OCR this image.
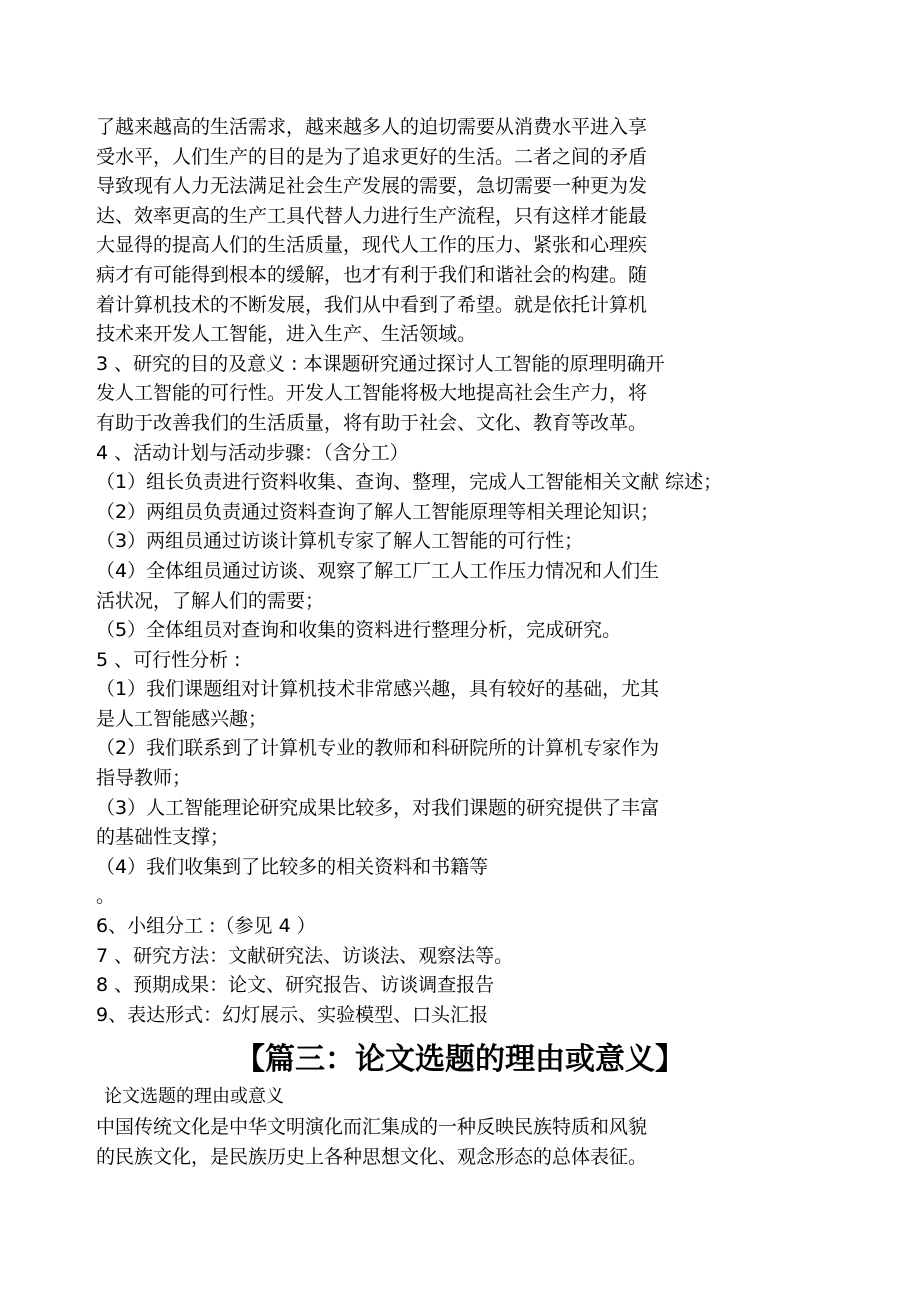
了越来越高的生活需求，越来越多人的迫切需要从消费水平进入享
受水平，人们生产的目的是为了追求更好的生活。二者之间的矛盾
导致现有人力无法满足社会生产发展的需要，急切需要一种更为发
达、效率更高的生产工具代替人力进行生产流程，只有这样才能最
大显得的提高人们的生活质量，现代人工作的压力、紧张和心理疾
病才有可能得到根本的缓解，也才有利于我们和谐社会的构建。随
着计算机技术的不断发展，我们从中看到了希望。就是依托计算机
技术来开发人工智能，进入生产、生活领域。
3 、研究的目的及意义 : 本课题研究通过探讨人工智能的原理明确开
发人工智能的可行性。开发人工智能将极大地提高社会生产力，将
有助于改善我们的生活质量，将有助于社会、文化、教育等改革。
4 、活动计划与活动步骤：（含分工）
（1）组长负责进行资料收集、查询、整理，完成人工智能相关文献 综述；
（2）两组员负责通过资料查询了解人工智能原理等相关理论知识；
（3）两组员通过访谈计算机专家了解人工智能的可行性；
（4）全体组员通过访谈、观察了解工厂工人工作压力情况和人们生
活状况，了解人们的需要；
（5）全体组员对查询和收集的资料进行整理分析，完成研究。
5 、可行性分析 :
（1）我们课题组对计算机技术非常感兴趣，具有较好的基础，尤其
是人工智能感兴趣；
（2）我们联系到了计算机专业的教师和科研院所的计算机专家作为
指导教师；
（3）人工智能理论研究成果比较多，对我们课题的研究提供了丰富
的基础性支撑；
（4）我们收集到了比较多的相关资料和书籍等
。
6、小组分工 :（参见 4 ）
7 、研究方法：文献研究法、访谈法、观察法等。
8 、预期成果：论文、研究报告、访谈调查报告
9、表达形式：幻灯展示、实验模型、口头汇报
【篇三：论文选题的理由或意义】
论文选题的理由或意义
中国传统文化是中华文明演化而汇集成的一种反映民族特质和风貌
的民族文化，是民族历史上各种思想文化、观念形态的总体表征。
